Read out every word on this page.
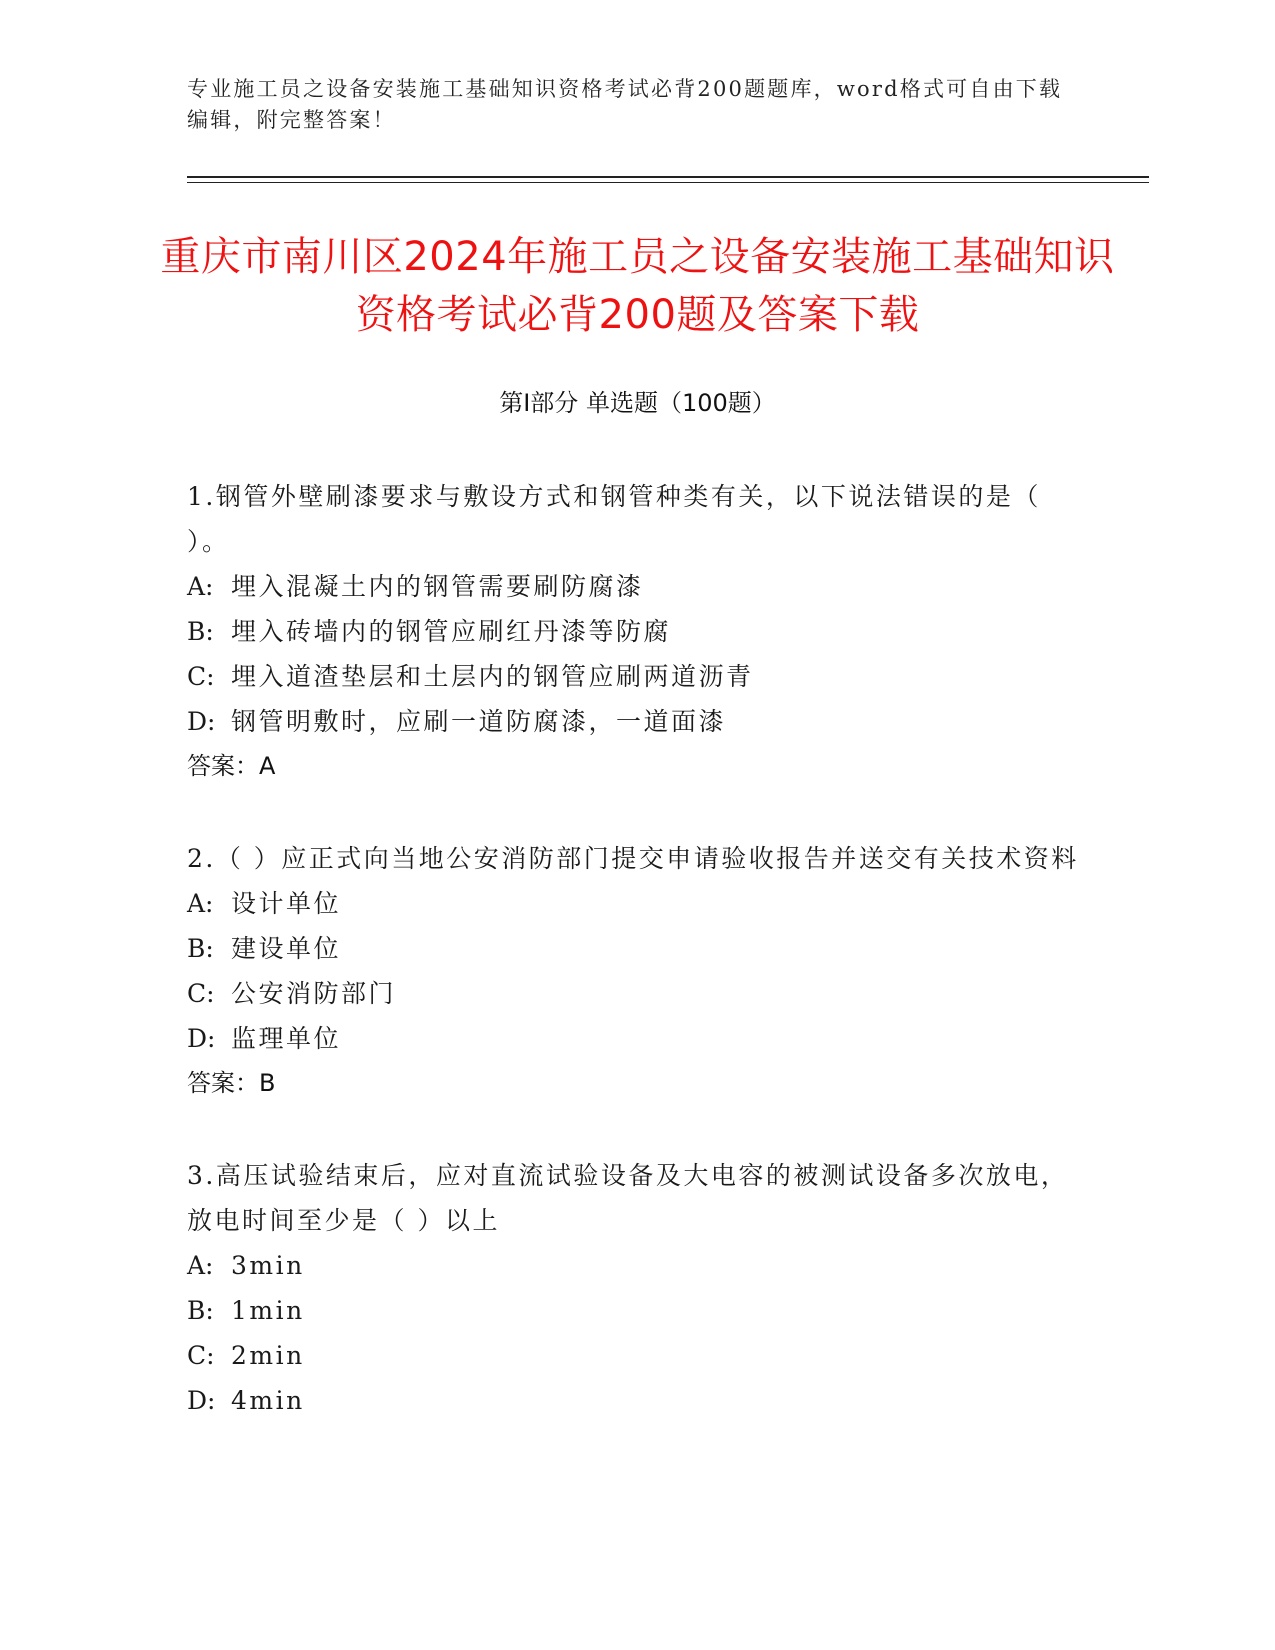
专业施工员之设备安装施工基础知识资格考试必背200题题库，word格式可自由下载编辑，附完整答案！
重庆市南川区2024年施工员之设备安装施工基础知识资格考试必背200题及答案下载
第I部分 单选题（100题）
1.钢管外壁刷漆要求与敷设方式和钢管种类有关，以下说法错误的是（ ）。
A: 埋入混凝土内的钢管需要刷防腐漆
B: 埋入砖墙内的钢管应刷红丹漆等防腐
C: 埋入道渣垫层和土层内的钢管应刷两道沥青
D: 钢管明敷时，应刷一道防腐漆，一道面漆
答案：A
2.（ ）应正式向当地公安消防部门提交申请验收报告并送交有关技术资料
A: 设计单位
B: 建设单位
C: 公安消防部门
D: 监理单位
答案：B
3.高压试验结束后，应对直流试验设备及大电容的被测试设备多次放电，放电时间至少是（ ）以上
A: 3min
B: 1min
C: 2min
D: 4min
